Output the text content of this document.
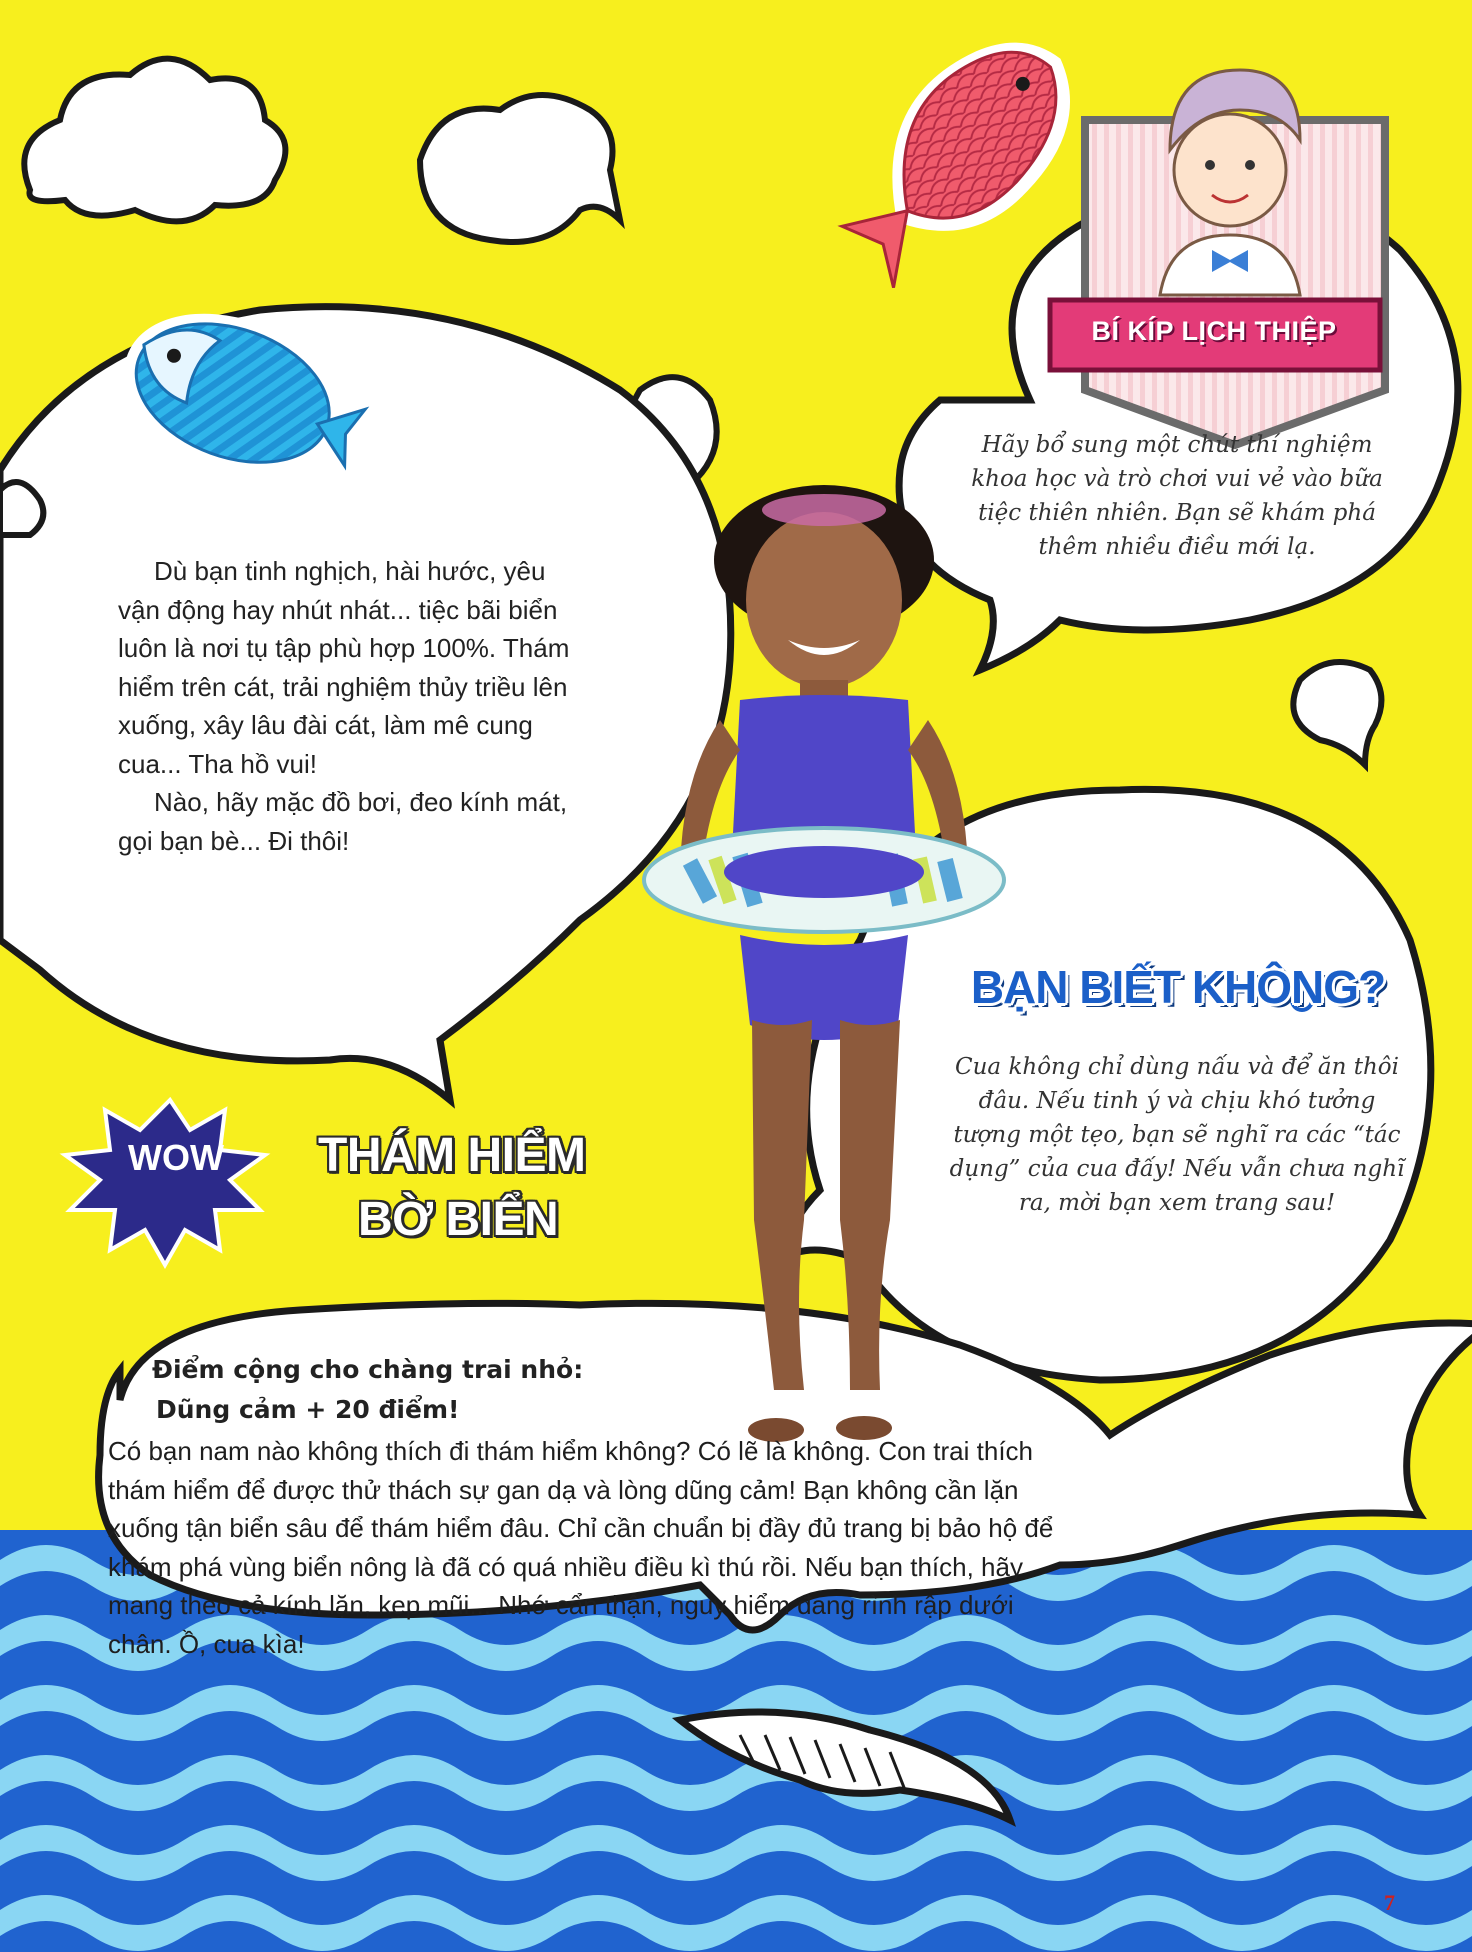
BÍ KÍP LỊCH THIỆP

Dù bạn tinh nghịch, hài hước, yêu vận động hay nhút nhát... tiệc bãi biển luôn là nơi tụ tập phù hợp 100%. Thám hiểm trên cát, trải nghiệm thủy triều lên xuống, xây lâu đài cát, làm mê cung cua... Tha hồ vui!

Nào, hãy mặc đồ bơi, đeo kính mát, gọi bạn bè... Đi thôi!

Hãy bổ sung một chút thí nghiệm khoa học và trò chơi vui vẻ vào bữa tiệc thiên nhiên. Bạn sẽ khám phá thêm nhiều điều mới lạ.
BẠN BIẾT KHÔNG?
Cua không chỉ dùng nấu và để ăn thôi đâu. Nếu tinh ý và chịu khó tưởng tượng một tẹo, bạn sẽ nghĩ ra các “tác dụng” của cua đấy! Nếu vẫn chưa nghĩ ra, mời bạn xem trang sau!
WOW THÁM HIỂM
BỜ BIỂN
Điểm cộng cho chàng trai nhỏ:
Dũng cảm + 20 điểm!
Có bạn nam nào không thích đi thám hiểm không? Có lẽ là không. Con trai thích thám hiểm để được thử thách sự gan dạ và lòng dũng cảm! Bạn không cần lặn xuống tận biển sâu để thám hiểm đâu. Chỉ cần chuẩn bị đầy đủ trang bị bảo hộ để khám phá vùng biển nông là đã có quá nhiều điều kì thú rồi. Nếu bạn thích, hãy mang theo cả kính lặn, kẹp mũi... Nhớ cẩn thận, nguy hiểm đang rình rập dưới chân. Ồ, cua kìa!
7
